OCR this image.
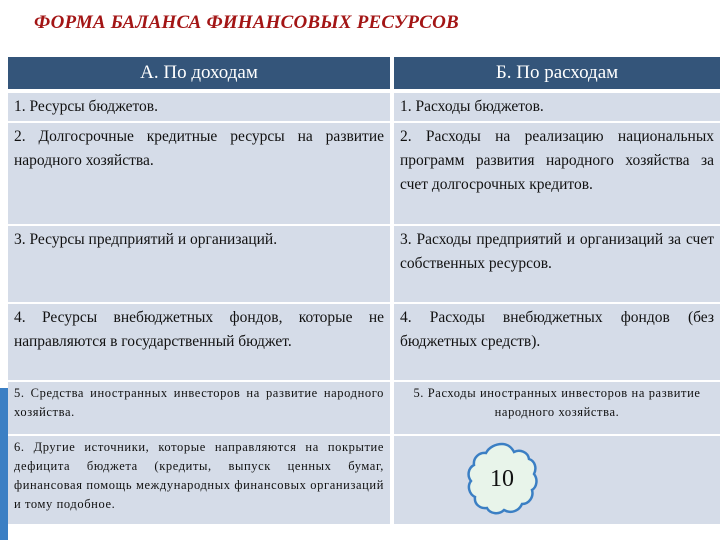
ФОРМА БАЛАНСА ФИНАНСОВЫХ РЕСУРСОВ
А. По доходам	Б. По расходам
1. Ресурсы бюджетов.	1. Расходы бюджетов.
2. Долгосрочные кредитные ресурсы на развитие народного хозяйства.	2. Расходы на реализацию национальных программ развития народного хозяйства за счет долгосрочных кредитов.
3. Ресурсы предприятий и организаций.	3. Расходы предприятий и организаций за счет собственных ресурсов.
4. Ресурсы внебюджетных фондов, которые не направляются в государственный бюджет.	4. Расходы внебюджетных фондов (без бюджетных средств).
5. Средства иностранных инвесторов на развитие народного хозяйства.	5. Расходы иностранных инвесторов на развитие народного хозяйства.
6. Другие источники, которые направляются на покрытие дефицита бюджета (кредиты, выпуск ценных бумаг, финансовая помощь международных финансовых организаций и тому подобное.	
10
